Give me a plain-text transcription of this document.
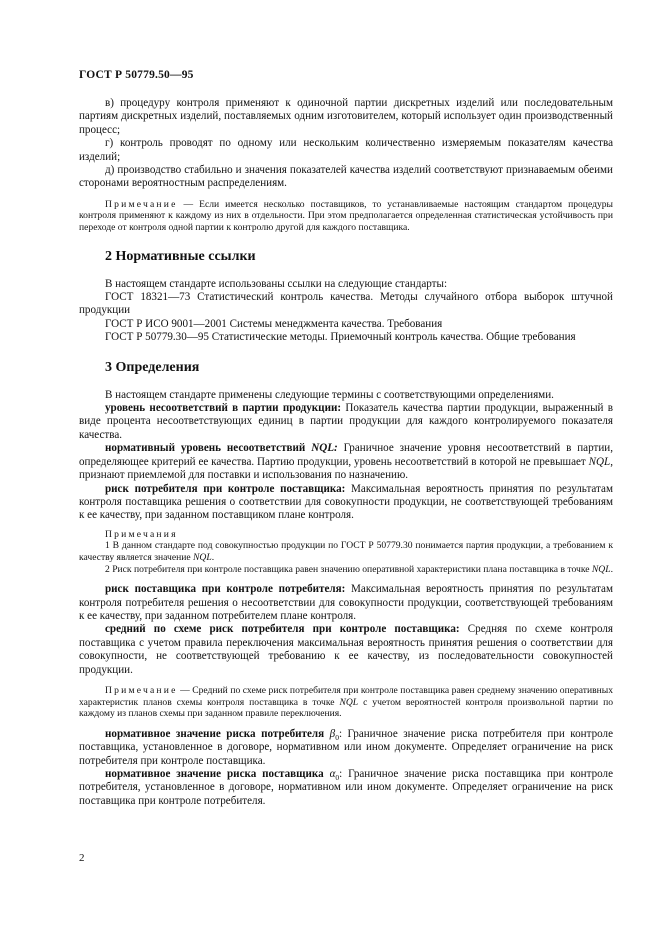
ГОСТ Р 50779.50—95

в) процедуру контроля применяют к одиночной партии дискретных изделий или последовательным партиям дискретных изделий, поставляемых одним изготовителем, который использует один производственный процесс;

г) контроль проводят по одному или нескольким количественно измеряемым показателям качества изделий;

д) производство стабильно и значения показателей качества изделий соответствуют признаваемым обеими сторонами вероятностным распределениям.

Примечание — Если имеется несколько поставщиков, то устанавливаемые настоящим стандартом процедуры контроля применяют к каждому из них в отдельности. При этом предполагается определенная статистическая устойчивость при переходе от контроля одной партии к контролю другой для каждого поставщика.

2 Нормативные ссылки

В настоящем стандарте использованы ссылки на следующие стандарты:

ГОСТ 18321—73 Статистический контроль качества. Методы случайного отбора выборок штучной продукции

ГОСТ Р ИСО 9001—2001 Системы менеджмента качества. Требования

ГОСТ Р 50779.30—95 Статистические методы. Приемочный контроль качества. Общие требования

3 Определения

В настоящем стандарте применены следующие термины с соответствующими определениями.

уровень несоответствий в партии продукции: Показатель качества партии продукции, выраженный в виде процента несоответствующих единиц в партии продукции для каждого контролируемого показателя качества.

нормативный уровень несоответствий NQL: Граничное значение уровня несоответствий в партии, определяющее критерий ее качества. Партию продукции, уровень несоответствий в которой не превышает NQL, признают приемлемой для поставки и использования по назначению.

риск потребителя при контроле поставщика: Максимальная вероятность принятия по результатам контроля поставщика решения о соответствии для совокупности продукции, не соответствующей требованиям к ее качеству, при заданном поставщиком плане контроля.

Примечания

1 В данном стандарте под совокупностью продукции по ГОСТ Р 50779.30 понимается партия продукции, а требованием к качеству является значение NQL.

2 Риск потребителя при контроле поставщика равен значению оперативной характеристики плана поставщика в точке NQL.

риск поставщика при контроле потребителя: Максимальная вероятность принятия по результатам контроля потребителя решения о несоответствии для совокупности продукции, соответствующей требованиям к ее качеству, при заданном потребителем плане контроля.

средний по схеме риск потребителя при контроле поставщика: Средняя по схеме контроля поставщика с учетом правила переключения максимальная вероятность принятия решения о соответствии для совокупности, не соответствующей требованию к ее качеству, из последовательности совокупностей продукции.

Примечание — Средний по схеме риск потребителя при контроле поставщика равен среднему значению оперативных характеристик планов схемы контроля поставщика в точке NQL с учетом вероятностей контроля произвольной партии по каждому из планов схемы при заданном правиле переключения.

нормативное значение риска потребителя $\beta_0$: Граничное значение риска потребителя при контроле поставщика, установленное в договоре, нормативном или ином документе. Определяет ограничение на риск потребителя при контроле поставщика.

нормативное значение риска поставщика $\alpha_0$: Граничное значение риска поставщика при контроле потребителя, установленное в договоре, нормативном или ином документе. Определяет ограничение на риск поставщика при контроле потребителя.

2
